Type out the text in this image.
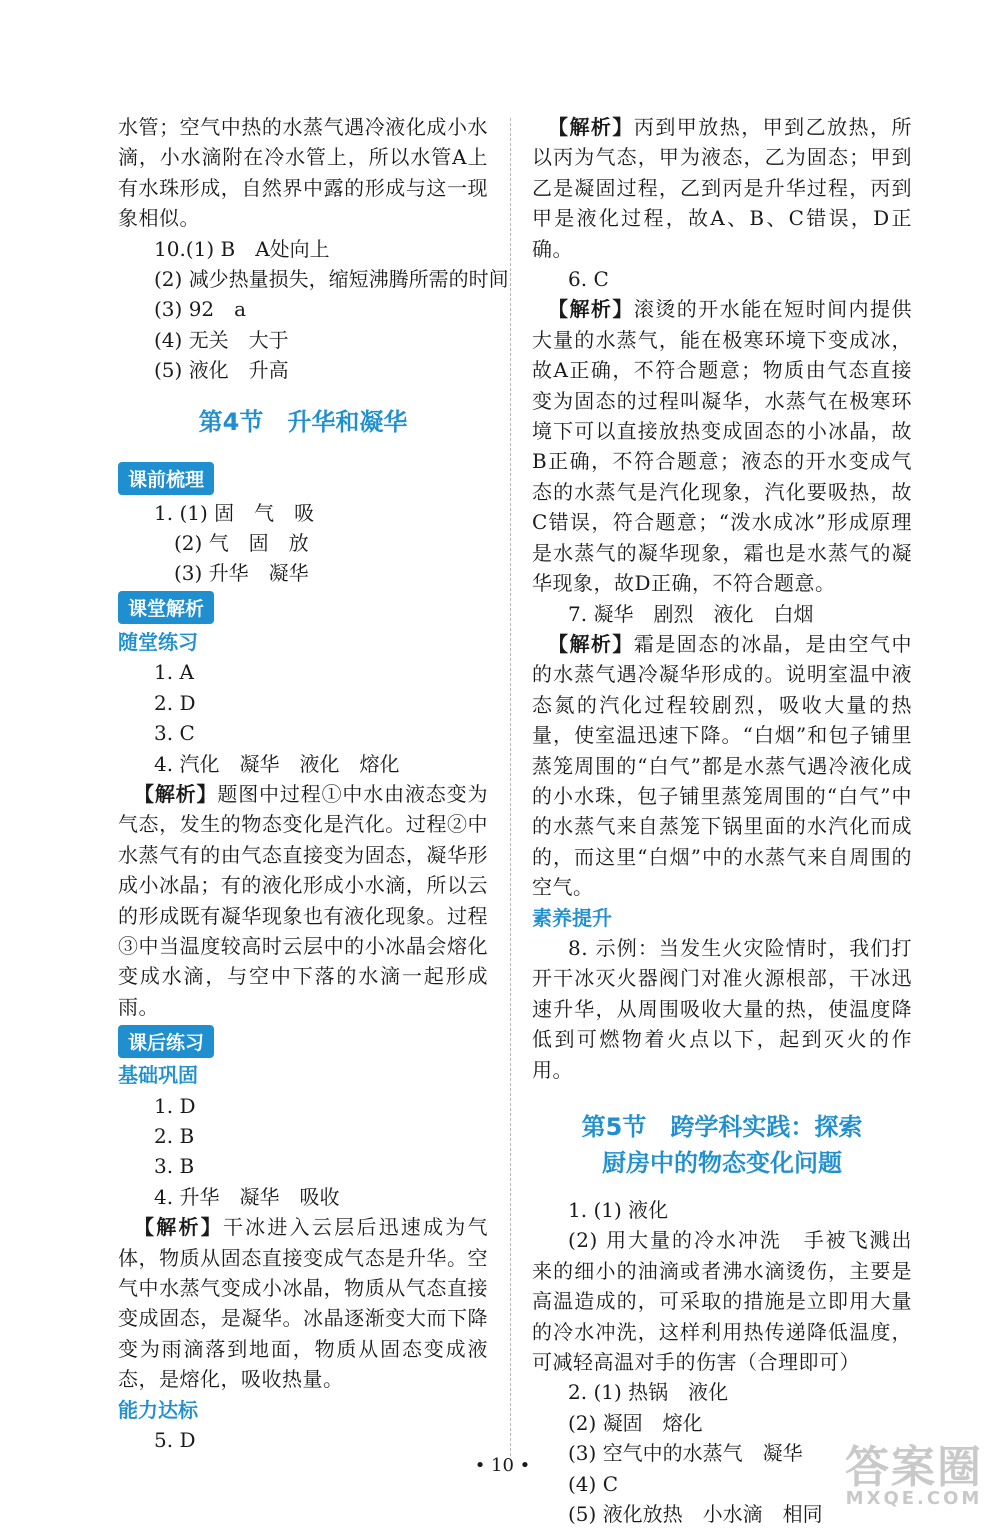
水管；空气中热的水蒸气遇冷液化成小水滴，小水滴附在冷水管上，所以水管A上有水珠形成，自然界中露的形成与这一现象相似。
10.(1) B　A处向上
(2) 减少热量损失，缩短沸腾所需的时间
(3) 92　a
(4) 无关　大于
(5) 液化　升高
第4节　升华和凝华
课前梳理
1. (1) 固　气　吸
(2) 气　固　放
(3) 升华　凝华
课堂解析
随堂练习
1. A
2. D
3. C
4. 汽化　凝华　液化　熔化
【解析】题图中过程①中水由液态变为气态，发生的物态变化是汽化。过程②中水蒸气有的由气态直接变为固态，凝华形成小冰晶；有的液化形成小水滴，所以云的形成既有凝华现象也有液化现象。过程③中当温度较高时云层中的小冰晶会熔化变成水滴，与空中下落的水滴一起形成雨。
课后练习
基础巩固
1. D
2. B
3. B
4. 升华　凝华　吸收
【解析】干冰进入云层后迅速成为气体，物质从固态直接变成气态是升华。空气中水蒸气变成小冰晶，物质从气态直接变成固态，是凝华。冰晶逐渐变大而下降变为雨滴落到地面，物质从固态变成液态，是熔化，吸收热量。
能力达标
5. D
【解析】丙到甲放热，甲到乙放热，所以丙为气态，甲为液态，乙为固态；甲到乙是凝固过程，乙到丙是升华过程，丙到甲是液化过程，故A、B、C错误，D正确。
6. C
【解析】滚烫的开水能在短时间内提供大量的水蒸气，能在极寒环境下变成冰，故A正确，不符合题意；物质由气态直接变为固态的过程叫凝华，水蒸气在极寒环境下可以直接放热变成固态的小冰晶，故B正确，不符合题意；液态的开水变成气态的水蒸气是汽化现象，汽化要吸热，故C错误，符合题意；“泼水成冰”形成原理是水蒸气的凝华现象，霜也是水蒸气的凝华现象，故D正确，不符合题意。
7. 凝华　剧烈　液化　白烟
【解析】霜是固态的冰晶，是由空气中的水蒸气遇冷凝华形成的。说明室温中液态氮的汽化过程较剧烈，吸收大量的热量，使室温迅速下降。“白烟”和包子铺里蒸笼周围的“白气”都是水蒸气遇冷液化成的小水珠，包子铺里蒸笼周围的“白气”中的水蒸气来自蒸笼下锅里面的水汽化而成的，而这里“白烟”中的水蒸气来自周围的空气。
素养提升
8. 示例：当发生火灾险情时，我们打开干冰灭火器阀门对准火源根部，干冰迅速升华，从周围吸收大量的热，使温度降低到可燃物着火点以下，起到灭火的作用。
第5节　跨学科实践：探索
厨房中的物态变化问题
1. (1) 液化
(2) 用大量的冷水冲洗　手被飞溅出来的细小的油滴或者沸水滴烫伤，主要是高温造成的，可采取的措施是立即用大量的冷水冲洗，这样利用热传递降低温度，可减轻高温对手的伤害（合理即可）
2. (1) 热锅　液化
(2) 凝固　熔化
(3) 空气中的水蒸气　凝华
(4) C
(5) 液化放热　小水滴　相同
• 10 •	答案圈
MXQE.COM
